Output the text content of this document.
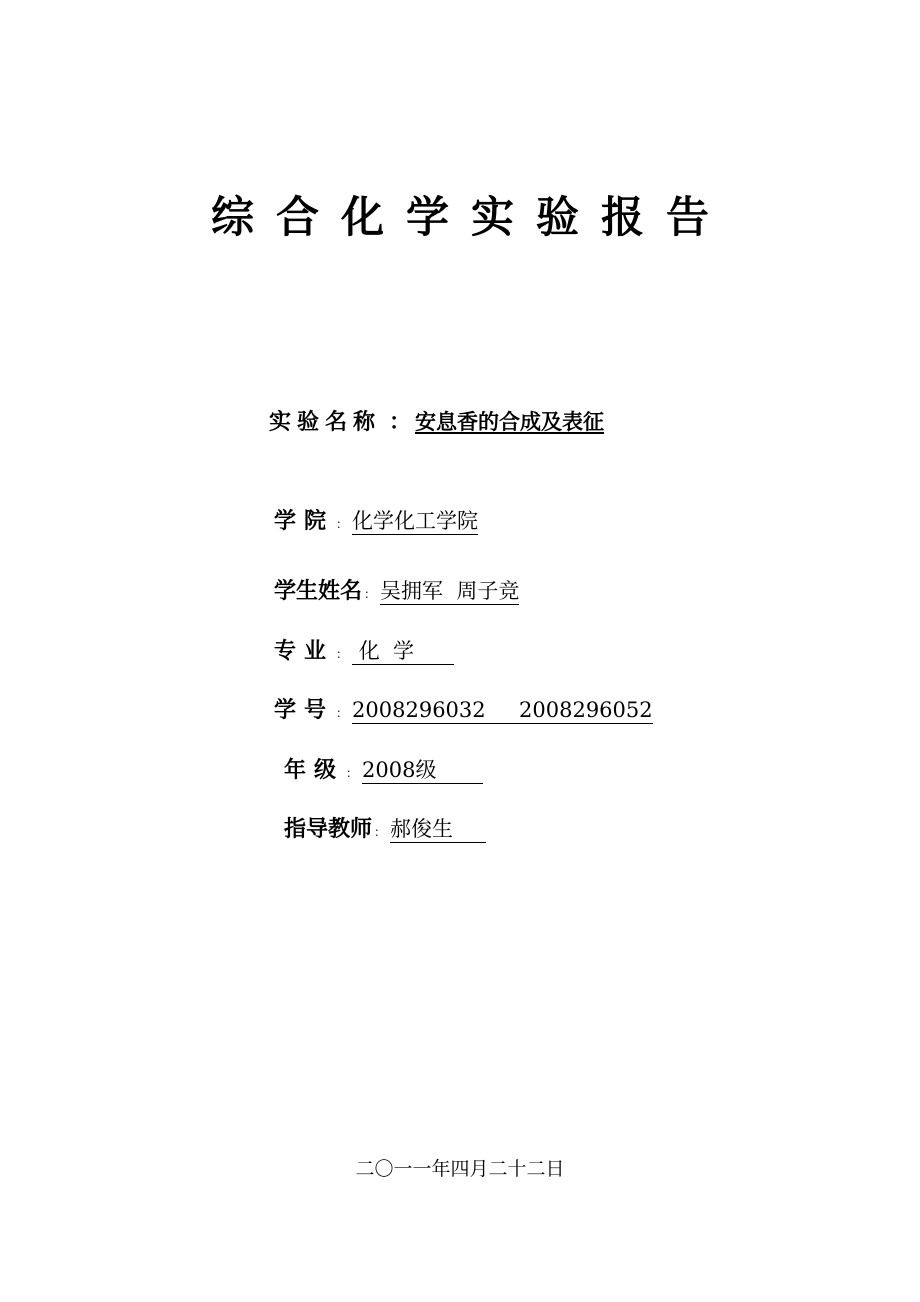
综合化学实验报告
实验名称 ： 安息香的合成及表征
学院 ： 化学化工学院
学生姓名 ： 吴拥军  周子竞
专业 ： 化  学
学号 ： 2008296032     2008296052
年级 ： 2008级
指导教师 ： 郝俊生
二〇一一年四月二十二日
